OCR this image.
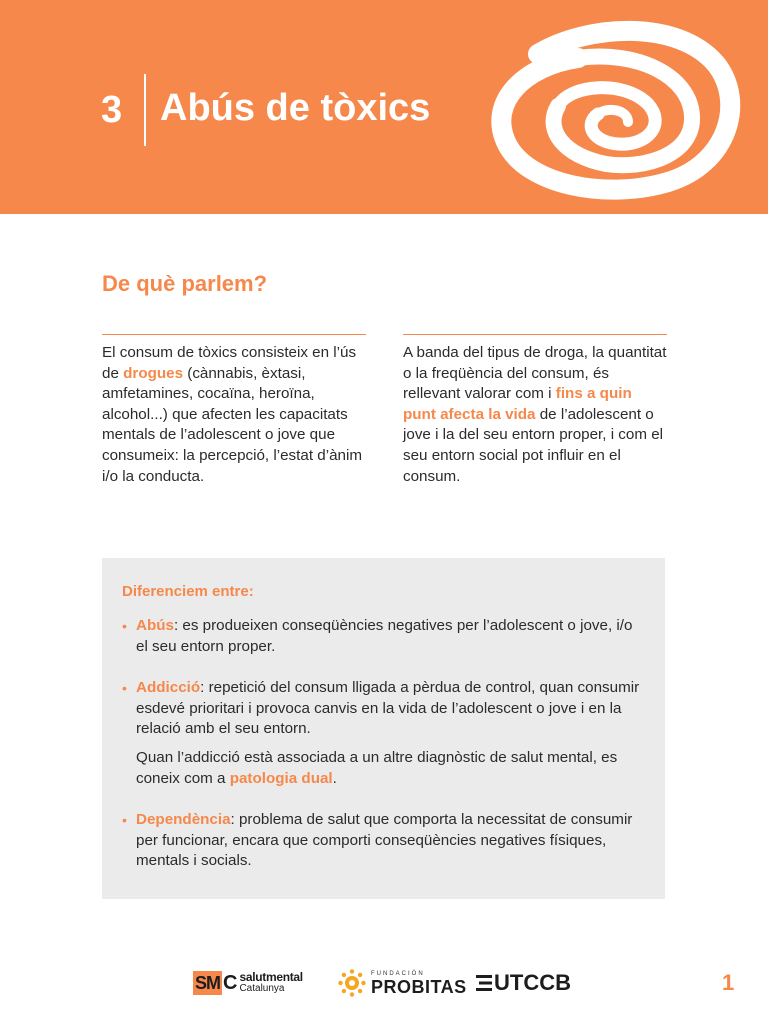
3 Abús de tòxics
De què parlem?
El consum de tòxics consisteix en l’ús de drogues (cànnabis, èxtasi, amfetamines, cocaïna, heroïna, alcohol...) que afecten les capacitats mentals de l’adolescent o jove que consumeix: la percepció, l’estat d’ànim i/o la conducta.
A banda del tipus de droga, la quantitat o la freqüència del consum, és rellevant valorar com i fins a quin punt afecta la vida de l’adolescent o jove i la del seu entorn proper, i com el seu entorn social pot influir en el consum.
Diferenciem entre:
• Abús: es produeixen conseqüències negatives per l’adolescent o jove, i/o el seu entorn proper.
• Addicció: repetició del consum lligada a pèrdua de control, quan consumir esdevé prioritari i provoca canvis en la vida de l’adolescent o jove i en la relació amb el seu entorn.
Quan l’addicció està associada a un altre diagnòstic de salut mental, es coneix com a patologia dual.
• Dependència: problema de salut que comporta la necessitat de consumir per funcionar, encara que comporti conseqüències negatives físiques, mentals i socials.
SM C salutmental
Catalunya
FUNDACIÓN
PROBITAS UTCCB	1
